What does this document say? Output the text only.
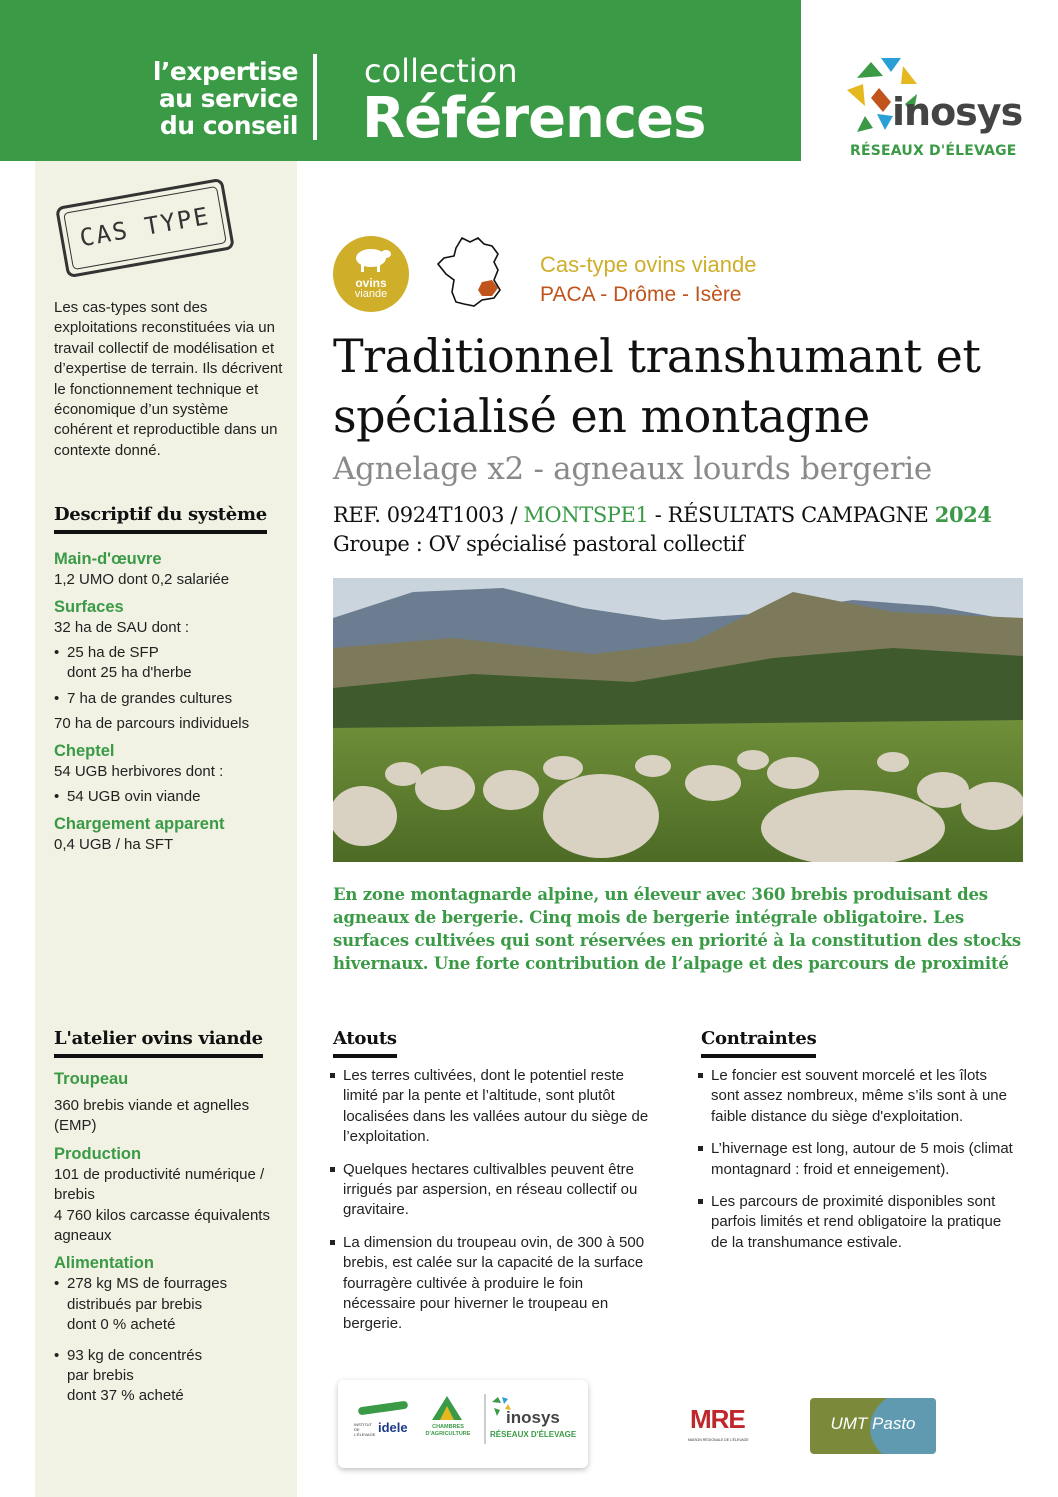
l’expertise
au service
du conseil
collection
Références	inosys
RÉSEAUX D'ÉLEVAGE
CAS TYPE
Les cas-types sont des exploitations reconstituées via un travail collectif de modélisation et d’expertise de terrain. Ils décrivent le fonctionnement technique et économique d’un système cohérent et reproductible dans un contexte donné.
Descriptif du système
Main-d'œuvre
1,2 UMO dont 0,2 salariée
Surfaces
32 ha de SAU dont :
• 25 ha de SFP
dont 25 ha d'herbe
• 7 ha de grandes cultures
70 ha de parcours individuels
Cheptel
54 UGB herbivores dont :
• 54 UGB ovin viande
Chargement apparent
0,4 UGB / ha SFT
L'atelier ovins viande
Troupeau
360 brebis viande et agnelles (EMP)
Production
101 de productivité numérique / brebis
4 760 kilos carcasse équivalents agneaux
Alimentation
• 278 kg MS de fourrages
distribués par brebis
dont 0 % acheté
• 93 kg de concentrés
par brebis
dont 37 % acheté
ovins
viande
Cas-type ovins viande
PACA - Drôme - Isère
Traditionnel transhumant et spécialisé en montagne
Agnelage x2 - agneaux lourds bergerie
REF. 0924T1003 / MONTSPE1 - RÉSULTATS CAMPAGNE 2024
Groupe : OV spécialisé pastoral collectif
En zone montagnarde alpine, un éleveur avec 360 brebis produisant des agneaux de bergerie. Cinq mois de bergerie intégrale obligatoire. Les surfaces cultivées qui sont réservées en priorité à la constitution des stocks hivernaux. Une forte contribution de l’alpage et des parcours de proximité
Atouts
Les terres cultivées, dont le potentiel reste limité par la pente et l’altitude, sont plutôt localisées dans les vallées autour du siège de l’exploitation.
Quelques hectares cultivalbles peuvent être irrigués par aspersion, en réseau collectif ou gravitaire.
La dimension du troupeau ovin, de 300 à 500 brebis, est calée sur la capacité de la surface fourragère cultivée à produire le foin nécessaire pour hiverner le troupeau en bergerie.
Contraintes
Le foncier est souvent morcelé et les îlots sont assez nombreux, même s’ils sont à une faible distance du siège d'exploitation.
L’hivernage est long, autour de 5 mois (climat montagnard : froid et enneigement).
Les parcours de proximité disponibles sont parfois limités et rend obligatoire la pratique de la transhumance estivale.
idele
INSTITUT DE L'ÉLEVAGE
CHAMBRES D'AGRICULTURE
inosys
RÉSEAUX D'ÉLEVAGE
MRE
MAISON RÉGIONALE DE L'ÉLEVAGE
UMT Pasto
